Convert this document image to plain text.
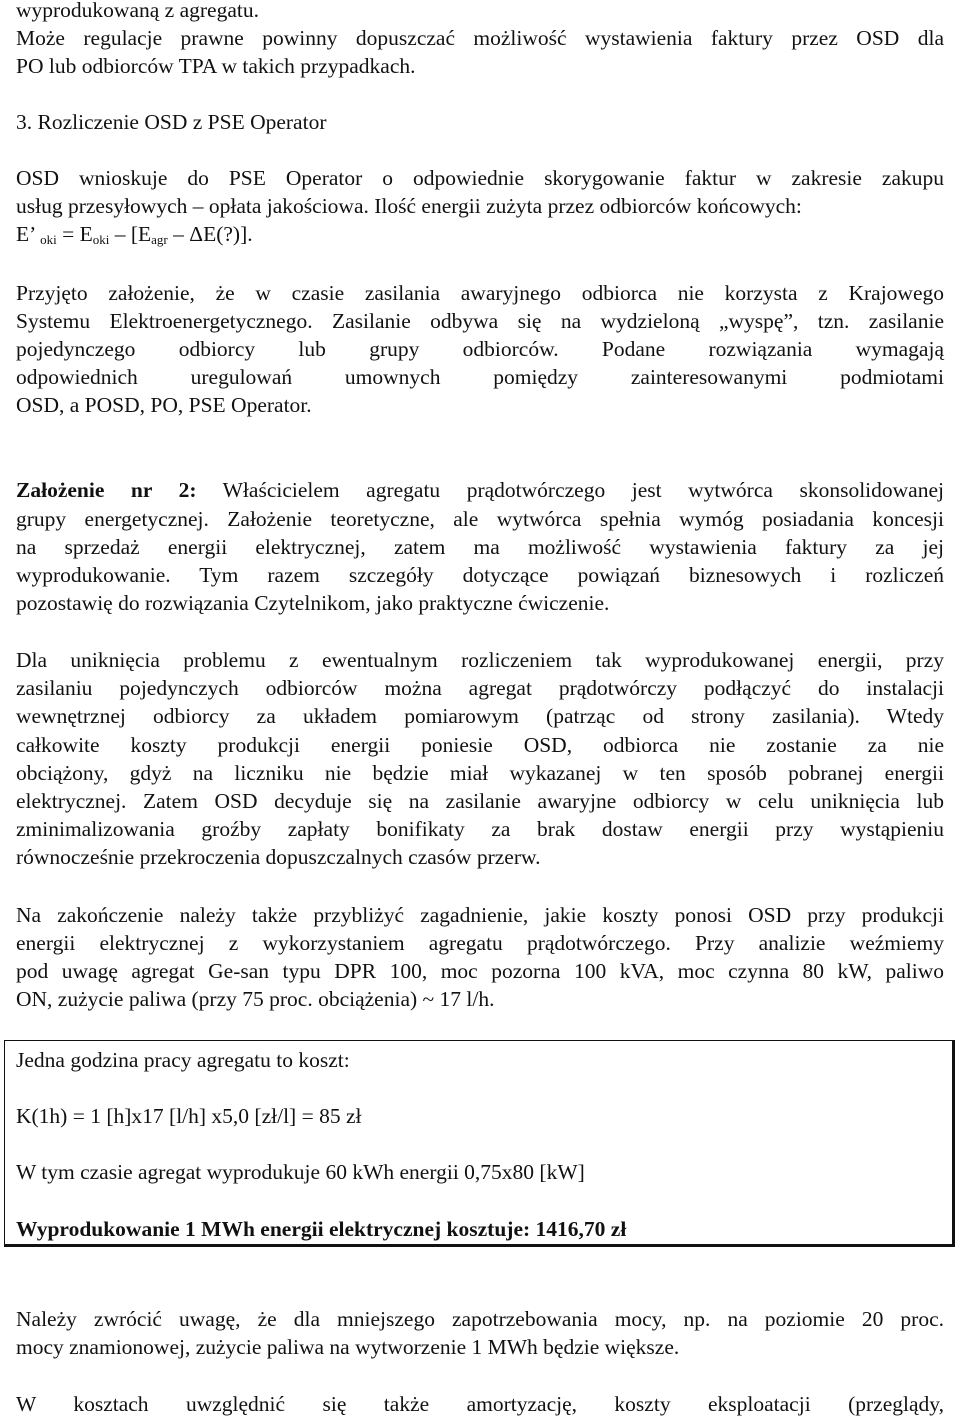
wyprodukowaną z agregatu.
Może regulacje prawne powinny dopuszczać możliwość wystawienia faktury przez OSD dla
PO lub odbiorców TPA w takich przypadkach.
3. Rozliczenie OSD z PSE Operator
OSD wnioskuje do PSE Operator o odpowiednie skorygowanie faktur w zakresie zakupu
usług przesyłowych – opłata jakościowa. Ilość energii zużyta przez odbiorców końcowych:
E’ $_{oki} = E_{oki} - [E_{agr}$ – ΔE(?)].
Przyjęto założenie, że w czasie zasilania awaryjnego odbiorca nie korzysta z Krajowego
Systemu Elektroenergetycznego. Zasilanie odbywa się na wydzieloną „wyspę”, tzn. zasilanie
pojedynczego odbiorcy lub grupy odbiorców. Podane rozwiązania wymagają
odpowiednich uregulowań umownych pomiędzy zainteresowanymi podmiotami
OSD, a POSD, PO, PSE Operator.
Założenie nr 2: Właścicielem agregatu prądotwórczego jest wytwórca skonsolidowanej
grupy energetycznej. Założenie teoretyczne, ale wytwórca spełnia wymóg posiadania koncesji
na sprzedaż energii elektrycznej, zatem ma możliwość wystawienia faktury za jej
wyprodukowanie. Tym razem szczegóły dotyczące powiązań biznesowych i rozliczeń
pozostawię do rozwiązania Czytelnikom, jako praktyczne ćwiczenie.
Dla uniknięcia problemu z ewentualnym rozliczeniem tak wyprodukowanej energii, przy
zasilaniu pojedynczych odbiorców można agregat prądotwórczy podłączyć do instalacji
wewnętrznej odbiorcy za układem pomiarowym (patrząc od strony zasilania). Wtedy
całkowite koszty produkcji energii poniesie OSD, odbiorca nie zostanie za nie
obciążony, gdyż na liczniku nie będzie miał wykazanej w ten sposób pobranej energii
elektrycznej. Zatem OSD decyduje się na zasilanie awaryjne odbiorcy w celu uniknięcia lub
zminimalizowania groźby zapłaty bonifikaty za brak dostaw energii przy wystąpieniu
równocześnie przekroczenia dopuszczalnych czasów przerw.
Na zakończenie należy także przybliżyć zagadnienie, jakie koszty ponosi OSD przy produkcji
energii elektrycznej z wykorzystaniem agregatu prądotwórczego. Przy analizie weźmiemy
pod uwagę agregat Ge-san typu DPR 100, moc pozorna 100 kVA, moc czynna 80 kW, paliwo
ON, zużycie paliwa (przy 75 proc. obciążenia) ~ 17 l/h.
Jedna godzina pracy agregatu to koszt:
K(1h) = 1 [h]x17 [l/h] x5,0 [zł/l] = 85 zł
W tym czasie agregat wyprodukuje 60 kWh energii 0,75x80 [kW]
Wyprodukowanie 1 MWh energii elektrycznej kosztuje: 1416,70 zł
Należy zwrócić uwagę, że dla mniejszego zapotrzebowania mocy, np. na poziomie 20 proc.
mocy znamionowej, zużycie paliwa na wytworzenie 1 MWh będzie większe.
W kosztach uwzględnić się także amortyzację, koszty eksploatacji (przeglądy,
